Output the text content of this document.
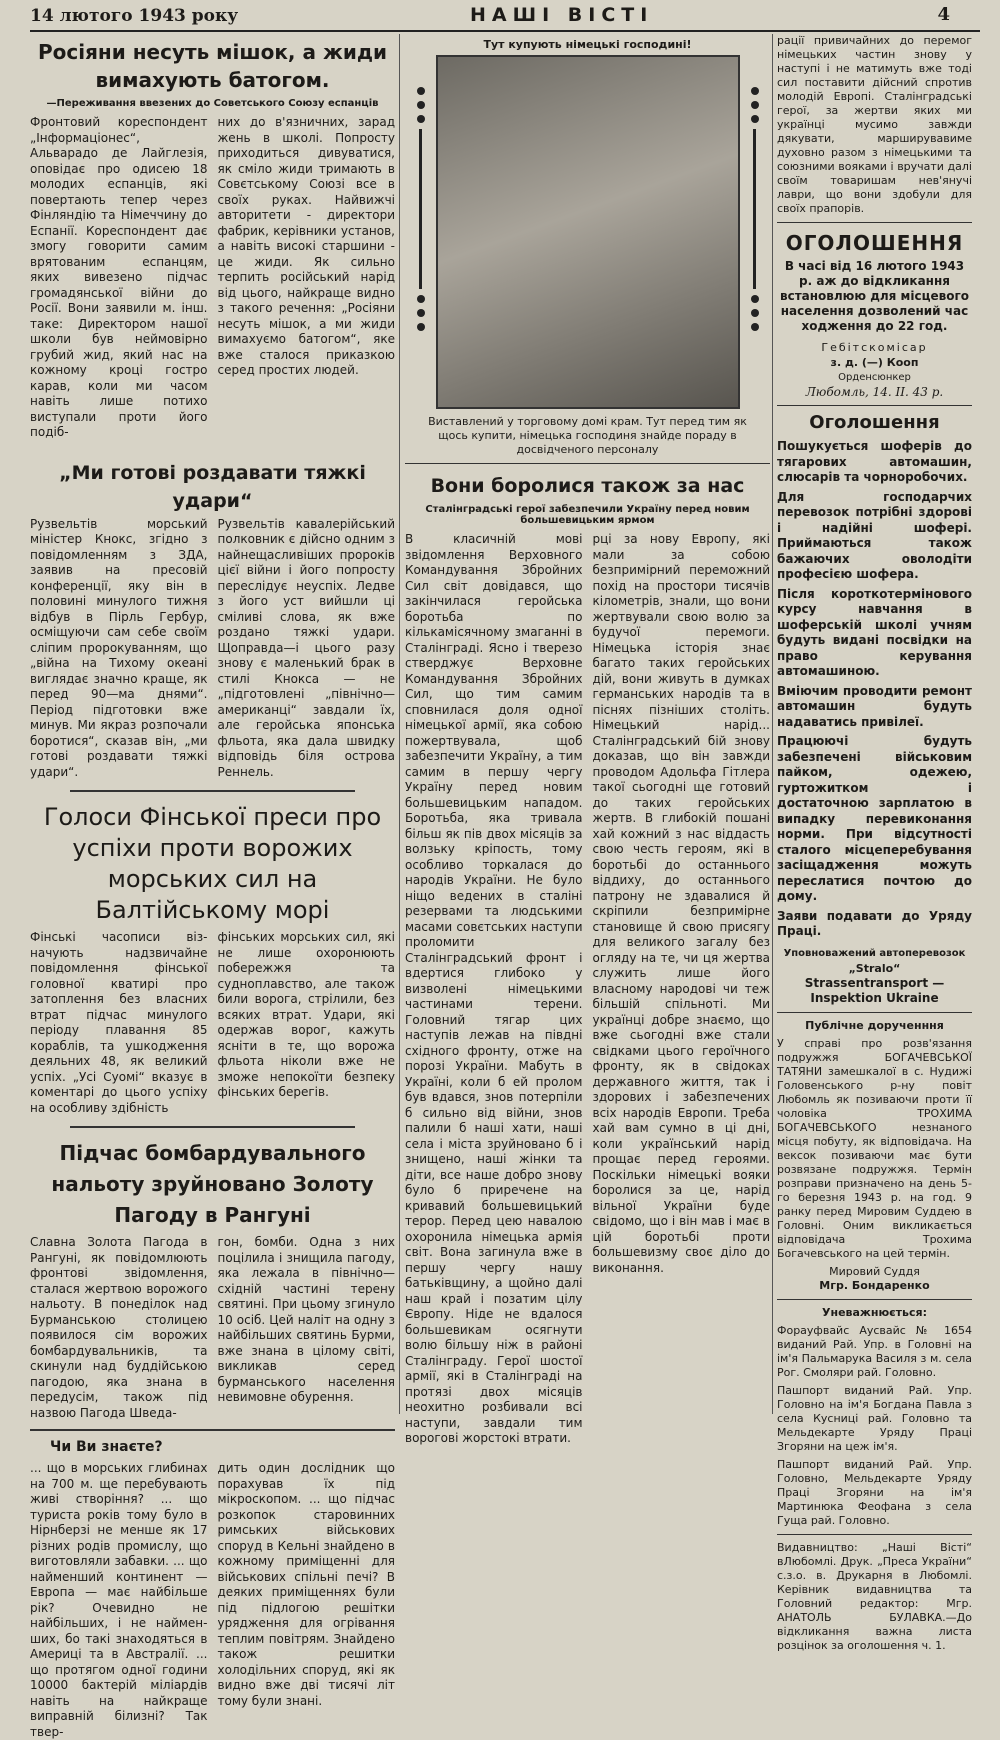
14 лютого 1943 року	НАШІ ВІСТІ	4
Росіяни несуть мішок, а жиди вимахують батогом.
—Переживання ввезених до Советського Союзу еспанців

Фронтовий кореспондент „Інформаціонес“, Альварадо де Лайглезія, оповідає про одисею 18 молодих еспанців, які повертають тепер через Фінляндію та Німеччину до Еспанії. Кореспондент дає змогу говорити самим врятованим еспанцям, яких вивезено підчас громадянської війни до Росії. Вони заявили м. інш. таке: Директором нашої школи був неймовірно грубий жид, який нас на кожному кроці гостро карав, коли ми часом навіть лише потихо виступали проти його подіб-

них до в'язничних, зарад жень в школі. Попросту приходиться дивуватися, як сміло жиди тримають в Совєтському Союзі все в своїх руках. Найвижчі авторитети - директори фабрик, керівники установ, а навіть високі старшини - це жиди. Як сильно терпить російський нарід від цього, найкраще видно з такого речення: „Росіяни несуть мішок, а ми жиди вимахуємо батогом“, яке вже сталося приказкою серед простих людей.

„Ми готові роздавати тяжкі удари“

Рузвельтів морський міністер Кнокс, згідно з повідомленням з ЗДА, заявив на пресовій конференції, яку він в половині минулого тижня відбув в Пірль Гербур, осміщуючи сам себе своїм сліпим пророкуванням, що „війна на Тихому океані виглядає значно краще, як перед 90—ма днями“. Період підготовки вже минув. Ми якраз розпочали боротися“, сказав він, „ми готові роздавати тяжкі удари“.

Рузвельтів кавалерійський полковник є дійсно одним з найнещасливіших пророків цієї війни і його попросту переслідує неуспіх. Ледве з його уст вийшли ці сміливі слова, як вже роздано тяжкі удари. Щоправда—і цього разу знову є маленький брак в стилі Кнокса — не „підготовлені „північно—американці“ завдали їх, але геройська японська фльота, яка дала швидку відповідь біля острова Реннель.

Голоси Фінської преси про успіхи проти ворожих морських сил на Балтійському морі

Фінські часописи візначують надзвичайне повідомлення фінської головної кватирі про затоплення без власних втрат підчас минулого періоду плавання 85 кораблів, та ушкодження деяльних 48, як великий успіх. „Усі Суомі“ вказує в коментарі до цього успіху на особливу здібність

фінських морських сил, які не лише охоронюють побережжя та судноплавство, але також били ворога, стрілили, без всяких втрат. Удари, які одержав ворог, кажуть ясніти в те, що ворожа фльота ніколи вже не зможе непокоїти безпеку фінських берегів.

Підчас бомбардувального нальоту зруйновано Золоту Пагоду в Рангуні

Славна Золота Пагода в Рангуні, як повідомлюють фронтові звідомлення, сталася жертвою ворожого нальоту. В понеділок над Бурманською столицею появилося сім ворожих бомбардувальників, та скинули над буддійською пагодою, яка знана в передусім, також під назвою Пагода Шведа-

гон, бомби. Одна з них поцілила і знищила пагоду, яка лежала в північно—східній частині терену святині. При цьому згинуло 10 осіб. Цей наліт на одну з найбільших святинь Бурми, вже знана в цілому світі, викликав серед бурманського населення невимовне обурення.

Чи Ви знаєте?

... що в морських глибинах на 700 м. ще перебувають живі створіння? ... що туриста років тому було в Нірнберзі не менше як 17 різних родів промислу, що виготовляли забавки. ... що найменший континент — Европа — має найбільше рік? Очевидно не найбільших, і не найменших, бо такі знаходяться в Америці та в Австралії. ... що протягом одної години 10000 бактерій міліардів навіть на найкраще виправній білизні? Так твер-

дить один дослідник що порахував їх під мікроскопом. ... що підчас розкопок старовинних римських військових споруд в Кельні знайдено в кожному приміщенні для військових спільні печі? В деяких приміщеннях були під підлогою решітки урядження для огрівання теплим повітрям. Знайдено також решитки холодільних споруд, які як видно вже дві тисячі літ тому були знані.

Тут купують німецькі господині!
Виставлений у торговому домі крам. Тут перед тим як щось купити, німецька господиня знайде пораду в досвідченого персоналу
Вони боролися також за нас
Сталінградські герої забезпечили Україну перед новим большевицьким ярмом

В класичній мові звідомлення Верховного Командування Збройних Сил світ довідався, що закінчилася геройська боротьба по кількамісячному змаганні в Сталінграді. Ясно і тверезо стверджує Верховне Командування Збройних Сил, що тим самим сповнилася доля одної німецької армії, яка собою пожертвувала, щоб забезпечити Україну, а тим самим в першу чергу Україну перед новим большевицьким нападом. Боротьба, яка тривала більш як пів двох місяців за волзьку кріпость, тому особливо торкалася до народів України. Не було ніщо ведених в сталіні резервами та людськими масами совєтських наступи проломити Сталінградський фронт і вдертися глибоко у визволені німецькими частинами терени. Головний тягар цих наступів лежав на півдні східного фронту, отже на порозі України. Мабуть в Україні, коли б ей пролом був вдався, знов потерпіли б сильно від війни, знов палили б наші хати, наші села і міста зруйновано б і знищено, наші жінки та діти, все наше добро знову було б приречене на кривавий большевицький терор. Перед цею навалою охоронила німецька армія світ. Вона загинула вже в першу чергу нашу батьківщину, а щойно далі наш край і позатим цілу Європу. Ніде не вдалося большевикам осягнути волю більшу ніж в районі Сталінграду. Герої шостої армії, які в Сталінграді на протязі двох місяців неохитно розбивали всі наступи, завдали тим ворогові жорстокі втрати.

рці за нову Европу, які мали за собою безпримірний переможний похід на простори тисячів кілометрів, знали, що вони жертвували свою волю за будучої перемоги. Німецька історія знає багато таких геройських дій, вони живуть в думках германських народів та в піснях пізніших століть. Німецький нарід... Сталінградський бій знову доказав, що він завжди проводом Адольфа Гітлера такої сьогодні ще готовий до таких геройських жертв. В глибокій пошані хай кожний з нас віддасть свою честь героям, які в боротьбі до останнього віддиху, до останнього патрону не здавалися й скріпили безпримірне становище й свою присягу для великого загалу без огляду на те, чи ця жертва служить лише його власному народові чи теж більшій спільноті. Ми українці добре знаємо, що вже сьогодні вже стали свідками цього героїчного фронту, як в свідоках державного життя, так і здорових і забезпечених всіх народів Европи. Треба хай вам сумно в ці дні, коли український нарід прощає перед героями. Поскільки німецькі вояки боролися за це, нарід вільної України буде свідомо, що і він мав і має в цій боротьбі проти большевизму своє діло до виконання.

рації привичайних до перемог німецьких частин знову у наступі і не матимуть вже тоді сил поставити дійсний спротив молодій Европі. Сталінградські герої, за жертви яких ми українці мусимо завжди дякувати, марширувавиме духовно разом з німецькими та союзними вояками і вручати далі своїм товаришам нев'янучі лаври, що вони здобули для своїх прапорів.

ОГОЛОШЕННЯ
В часі від 16 лютого 1943 р. аж до відкликання встановлюю для місцевого населення дозволений час ходження до 22 год.
Гебітскомісар
з. д. (—) Кооп
Орденсюнкер
Любомль, 14. II. 43 р.
Оголошення

Пошукується шоферів до тягарових автомашин, слюсарів та чорноробочих.

Для господарчих перевозок потрібні здорові і надійні шофері. Приймаються також бажаючих оволодіти професією шофера.

Після короткотермінового курсу навчання в шоферській школі учням будуть видані посвідки на право керування автомашиною.

Вміючим проводити ремонт автомашин будуть надаватись привілеї.

Працюючі будуть забезпечені військовим пайком, одежею, гуртожитком і достаточною зарплатою в випадку перевиконання норми. При відсутності сталого місцеперебування засіщадження можуть переслатися почтою до дому.

Заяви подавати до Уряду Праці.

Уповноважений автоперевозок
„Stralo“
Strassentransport — Inspektion Ukraine
Публічне дорученння

У справі про розв'язання подружжя БОГАЧЕВСЬКОЇ ТАТЯНИ замешкалої в с. Нудижі Головенського р-ну повіт Любомль як позиваючи проти її чоловіка ТРОХИМА БОГАЧЕВСЬКОГО незнаного місця побуту, як відповідача. На вексок позиваючи має бути розвязане подружжя. Термін розправи призначено на день 5-го березня 1943 р. на год. 9 ранку перед Мировим Суддею в Головні. Оним викликається відповідача Трохима Богачевського на цей термін.

Мировий Суддя
Мгр. Бондаренко
Уневажнюється:

Форауфвайс Аусвайс № 1654 виданий Рай. Упр. в Головні на ім'я Пальмарука Василя з м. села Рог. Смоляри рай. Головно.

Пашпорт виданий Рай. Упр. Головно на ім'я Богдана Павла з села Кусниці рай. Головно та Мельдекарте Уряду Праці Згоряни на цеж ім'я.

Пашпорт виданий Рай. Упр. Головно, Мельдекарте Уряду Праці Згоряни на ім'я Мартинюка Феофана з села Гуща рай. Головно.

Видавництво: „Наші Вісті“ вЛюбомлі. Друк. „Преса України“ с.з.о. в. Друкарня в Любомлі. Керівник видавництва та Головний редактор: Мгр. АНАТОЛЬ БУЛАВКА.—До відкликання важна листа розцінок за оголошення ч. 1.
